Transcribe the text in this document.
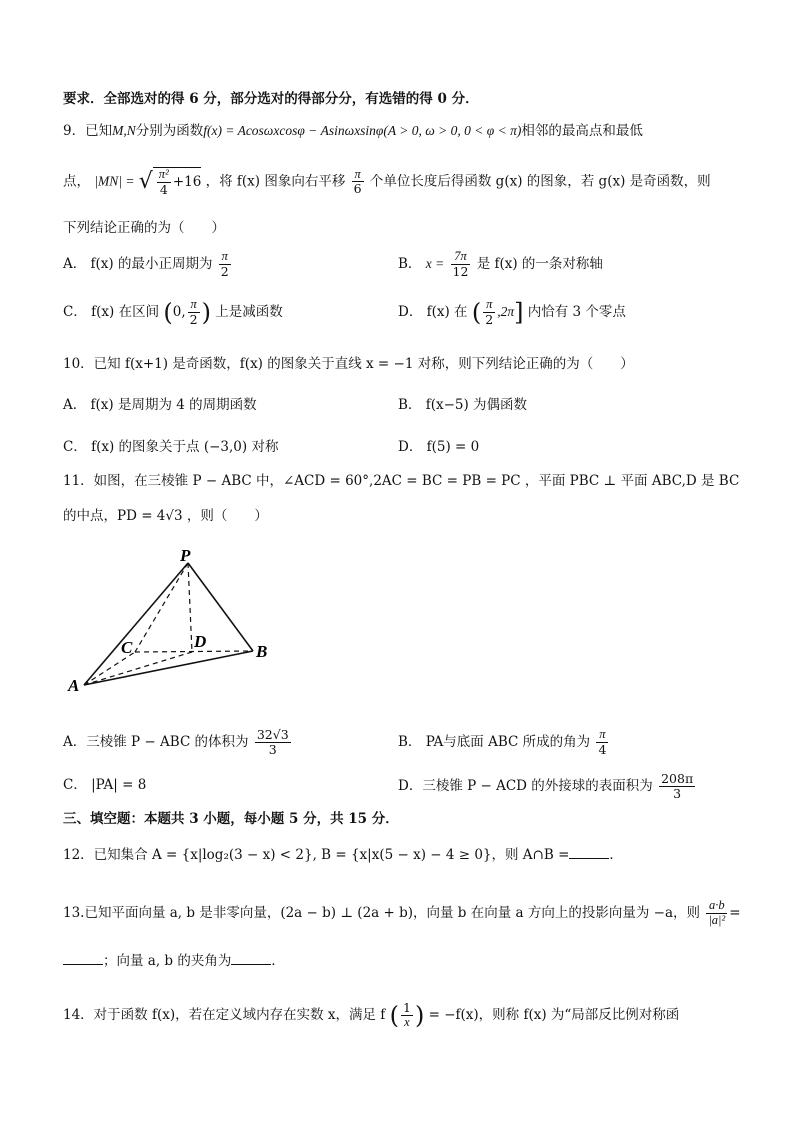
要求．全部选对的得 6 分，部分选对的得部分分，有选错的得 0 分．
9．已知M,N分别为函数f(x) = Acosωxcosφ − Asinωxsinφ(A > 0, ω > 0, 0 < φ < π)相邻的最高点和最低
点， |MN| = √ $\frac{\text{π²}}{4} +16$ ，将 f(x) 图象向右平移 $\frac{\pi}{6}$ 个单位长度后得函数 g(x) 的图象，若 g(x) 是奇函数，则
下列结论正确的为（　　）
A． f(x) 的最小正周期为 $\frac{\pi}{2}$	B． $x = \frac{7\pi}{12}$ 是 f(x) 的一条对称轴
C． f(x) 在区间 (0, $\frac{\pi}{2}$ ) 上是减函数	D． f(x) 在 ( $\frac{\pi}{2} ,2\pi$] 内恰有 3 个零点
10．已知 f(x+1) 是奇函数，f(x) 的图象关于直线 x = −1 对称，则下列结论正确的为（　　）
A． f(x) 是周期为 4 的周期函数	B． f(x−5) 为偶函数
C． f(x) 的图象关于点 (−3,0) 对称	D． f(5) = 0
11．如图，在三棱锥 P − ABC 中，∠ACD = 60°,2AC = BC = PB = PC ，平面 PBC ⊥ 平面 ABC,D 是 BC
的中点，PD = 4√3 ，则（　　）
P
C	D
B
A
A．三棱锥 P − ABC 的体积为 $\frac{32√3}{3}$	B． PA与底面 ABC 所成的角为 $\frac{\pi}{4}$
C． |PA| = 8	D．三棱锥 P − ACD 的外接球的表面积为 $\frac{208\pi}{3}$
三、填空题：本题共 3 小题，每小题 5 分，共 15 分．
12．已知集合 A = {x|log₂(3 − x) < 2}, B = {x|x(5 − x) − 4 ≥ 0}，则 A∩B =	．
13.已知平面向量 a, b 是非零向量，(2a − b) ⊥ (2a + b)，向量 b 在向量 a 方向上的投影向量为 −a，则 $\frac{a\cdot b}{\text{|a|²}}$ =
；向量 a, b 的夹角为	．
14．对于函数 f(x)，若在定义域内存在实数 x，满足 f ( $\frac{1}{x}$ ) = −f(x)，则称 f(x) 为“局部反比例对称函
